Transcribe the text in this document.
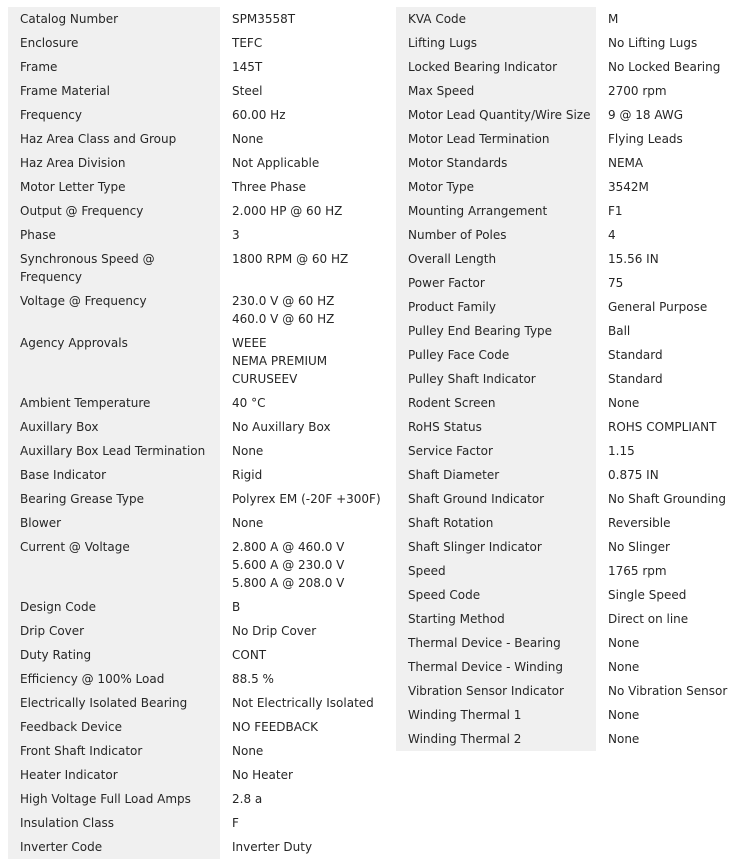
Catalog Number	SPM3558T

Enclosure	TEFC

Frame	145T

Frame Material	Steel

Frequency	60.00 Hz

Haz Area Class and Group	None

Haz Area Division	Not Applicable

Motor Letter Type	Three Phase

Output @ Frequency	2.000 HP @ 60 HZ

Phase	3

Synchronous Speed @ Frequency	1800 RPM @ 60 HZ

Voltage @ Frequency	230.0 V @ 60 HZ
460.0 V @ 60 HZ

Agency Approvals	WEEE
NEMA PREMIUM
CURUSEEV

Ambient Temperature	40 °C

Auxillary Box	No Auxillary Box

Auxillary Box Lead Termination	None

Base Indicator	Rigid

Bearing Grease Type	Polyrex EM (-20F +300F)

Blower	None

Current @ Voltage	2.800 A @ 460.0 V
5.600 A @ 230.0 V
5.800 A @ 208.0 V

Design Code	B

Drip Cover	No Drip Cover

Duty Rating	CONT

Efficiency @ 100% Load	88.5 %

Electrically Isolated Bearing	Not Electrically Isolated

Feedback Device	NO FEEDBACK

Front Shaft Indicator	None

Heater Indicator	No Heater

High Voltage Full Load Amps	2.8 a

Insulation Class	F

Inverter Code	Inverter Duty
KVA Code	M

Lifting Lugs	No Lifting Lugs

Locked Bearing Indicator	No Locked Bearing

Max Speed	2700 rpm

Motor Lead Quantity/Wire Size	9 @ 18 AWG

Motor Lead Termination	Flying Leads

Motor Standards	NEMA

Motor Type	3542M

Mounting Arrangement	F1

Number of Poles	4

Overall Length	15.56 IN

Power Factor	75

Product Family	General Purpose

Pulley End Bearing Type	Ball

Pulley Face Code	Standard

Pulley Shaft Indicator	Standard

Rodent Screen	None

RoHS Status	ROHS COMPLIANT

Service Factor	1.15

Shaft Diameter	0.875 IN

Shaft Ground Indicator	No Shaft Grounding

Shaft Rotation	Reversible

Shaft Slinger Indicator	No Slinger

Speed	1765 rpm

Speed Code	Single Speed

Starting Method	Direct on line

Thermal Device - Bearing	None

Thermal Device - Winding	None

Vibration Sensor Indicator	No Vibration Sensor

Winding Thermal 1	None

Winding Thermal 2	None
